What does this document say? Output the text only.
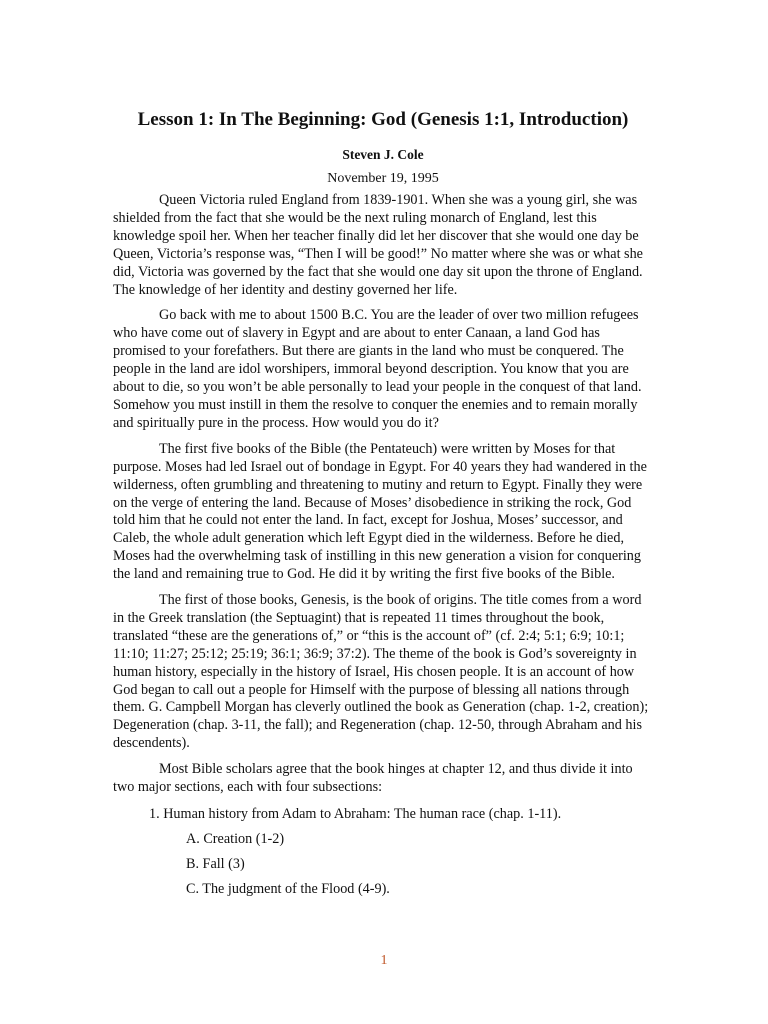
Lesson 1: In The Beginning: God (Genesis 1:1, Introduction)
Steven J. Cole
November 19, 1995

Queen Victoria ruled England from 1839-1901. When she was a young girl, she was shielded from the fact that she would be the next ruling monarch of England, lest this knowledge spoil her. When her teacher finally did let her discover that she would one day be Queen, Victoria’s response was, “Then I will be good!” No matter where she was or what she did, Victoria was governed by the fact that she would one day sit upon the throne of England. The knowledge of her identity and destiny governed her life.

Go back with me to about 1500 B.C. You are the leader of over two million refugees who have come out of slavery in Egypt and are about to enter Canaan, a land God has promised to your forefathers. But there are giants in the land who must be conquered. The people in the land are idol worshipers, immoral beyond description. You know that you are about to die, so you won’t be able personally to lead your people in the conquest of that land. Somehow you must instill in them the resolve to conquer the enemies and to remain morally and spiritually pure in the process. How would you do it?

The first five books of the Bible (the Pentateuch) were written by Moses for that purpose. Moses had led Israel out of bondage in Egypt. For 40 years they had wandered in the wilderness, often grumbling and threatening to mutiny and return to Egypt. Finally they were on the verge of entering the land. Because of Moses’ disobedience in striking the rock, God told him that he could not enter the land. In fact, except for Joshua, Moses’ successor, and Caleb, the whole adult generation which left Egypt died in the wilderness. Before he died, Moses had the overwhelming task of instilling in this new generation a vision for conquering the land and remaining true to God. He did it by writing the first five books of the Bible.

The first of those books, Genesis, is the book of origins. The title comes from a word in the Greek translation (the Septuagint) that is repeated 11 times throughout the book, translated “these are the generations of,” or “this is the account of” (cf. 2:4; 5:1; 6:9; 10:1; 11:10; 11:27; 25:12; 25:19; 36:1; 36:9; 37:2). The theme of the book is God’s sovereignty in human history, especially in the history of Israel, His chosen people. It is an account of how God began to call out a people for Himself with the purpose of blessing all nations through them. G. Campbell Morgan has cleverly outlined the book as Generation (chap. 1-2, creation); Degeneration (chap. 3-11, the fall); and Regeneration (chap. 12-50, through Abraham and his descendents).

Most Bible scholars agree that the book hinges at chapter 12, and thus divide it into two major sections, each with four subsections:

1. Human history from Adam to Abraham: The human race (chap. 1-11).
A. Creation (1-2)
B. Fall (3)
C. The judgment of the Flood (4-9).
1
